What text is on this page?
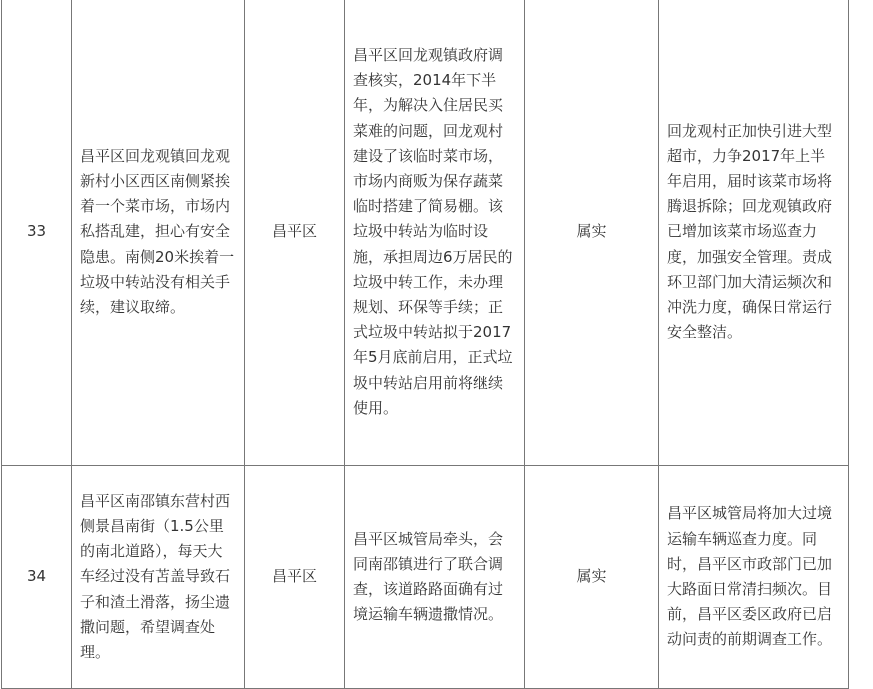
33	昌平区回龙观镇回龙观新村小区西区南侧紧挨着一个菜市场，市场内私搭乱建，担心有安全隐患。南侧20米挨着一垃圾中转站没有相关手续，建议取缔。	昌平区	昌平区回龙观镇政府调查核实，2014年下半年，为解决入住居民买菜难的问题，回龙观村建设了该临时菜市场，市场内商贩为保存蔬菜临时搭建了简易棚。该垃圾中转站为临时设施，承担周边6万居民的垃圾中转工作，未办理规划、环保等手续；正式垃圾中转站拟于2017年5月底前启用，正式垃圾中转站启用前将继续使用。	属实	回龙观村正加快引进大型超市，力争2017年上半年启用，届时该菜市场将腾退拆除；回龙观镇政府已增加该菜市场巡查力度，加强安全管理。责成环卫部门加大清运频次和冲洗力度，确保日常运行安全整洁。
34	昌平区南邵镇东营村西侧景昌南街（1.5公里的南北道路），每天大车经过没有苫盖导致石子和渣土滑落，扬尘遗撒问题，希望调查处理。	昌平区	昌平区城管局牵头，会同南邵镇进行了联合调查，该道路路面确有过境运输车辆遗撒情况。	属实	昌平区城管局将加大过境运输车辆巡查力度。同时，昌平区市政部门已加大路面日常清扫频次。目前，昌平区委区政府已启动问责的前期调查工作。
